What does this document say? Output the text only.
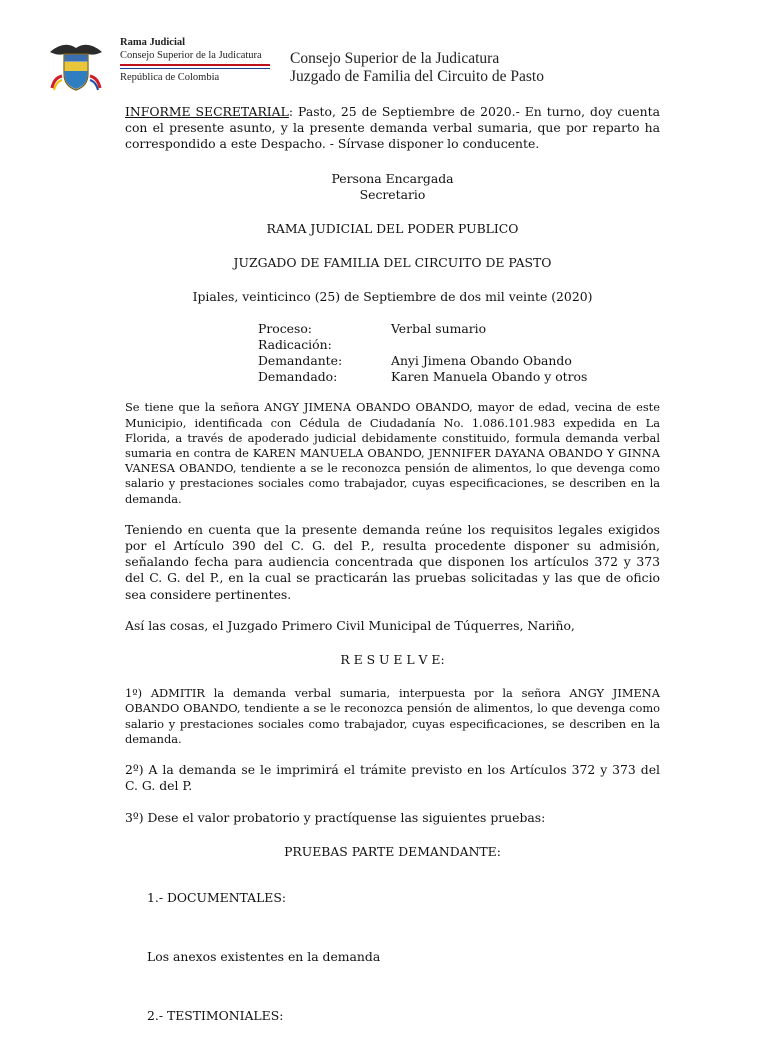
Rama Judicial
Consejo Superior de la Judicatura
República de Colombia
Consejo Superior de la Judicatura
Juzgado de Familia del Circuito de Pasto

INFORME SECRETARIAL: Pasto, 25 de Septiembre de 2020.- En turno, doy cuenta con el presente asunto, y la presente demanda verbal sumaria, que por reparto ha correspondido a este Despacho. - Sírvase disponer lo conducente.

Persona Encargada

Secretario

RAMA JUDICIAL DEL PODER PUBLICO

JUZGADO DE FAMILIA DEL CIRCUITO DE PASTO

Ipiales, veinticinco (25) de Septiembre de dos mil veinte (2020)

Proceso:	Verbal sumario
Radicación:
Demandante:	Anyi Jimena Obando Obando
Demandado:	Karen Manuela Obando y otros

Se tiene que la señora ANGY JIMENA OBANDO OBANDO, mayor de edad, vecina de este Municipio, identificada con Cédula de Ciudadanía No. 1.086.101.983 expedida en La Florida, a través de apoderado judicial debidamente constituido, formula demanda verbal sumaria en contra de KAREN MANUELA OBANDO, JENNIFER DAYANA OBANDO Y GINNA VANESA OBANDO, tendiente a se le reconozca pensión de alimentos, lo que devenga como salario y prestaciones sociales como trabajador, cuyas especificaciones, se describen en la demanda.

Teniendo en cuenta que la presente demanda reúne los requisitos legales exigidos por el Artículo 390 del C. G. del P., resulta procedente disponer su admisión, señalando fecha para audiencia concentrada que disponen los artículos 372 y 373 del C. G. del P., en la cual se practicarán las pruebas solicitadas y las que de oficio sea considere pertinentes.

Así las cosas, el Juzgado Primero Civil Municipal de Túquerres, Nariño,

R E S U E L V E:

1º) ADMITIR la demanda verbal sumaria, interpuesta por la señora ANGY JIMENA OBANDO OBANDO, tendiente a se le reconozca pensión de alimentos, lo que devenga como salario y prestaciones sociales como trabajador, cuyas especificaciones, se describen en la demanda.

2º) A la demanda se le imprimirá el trámite previsto en los Artículos 372 y 373 del C. G. del P.

3º) Dese el valor probatorio y practíquense las siguientes pruebas:

PRUEBAS PARTE DEMANDANTE:

1.- DOCUMENTALES:

Los anexos existentes en la demanda

2.- TESTIMONIALES:
